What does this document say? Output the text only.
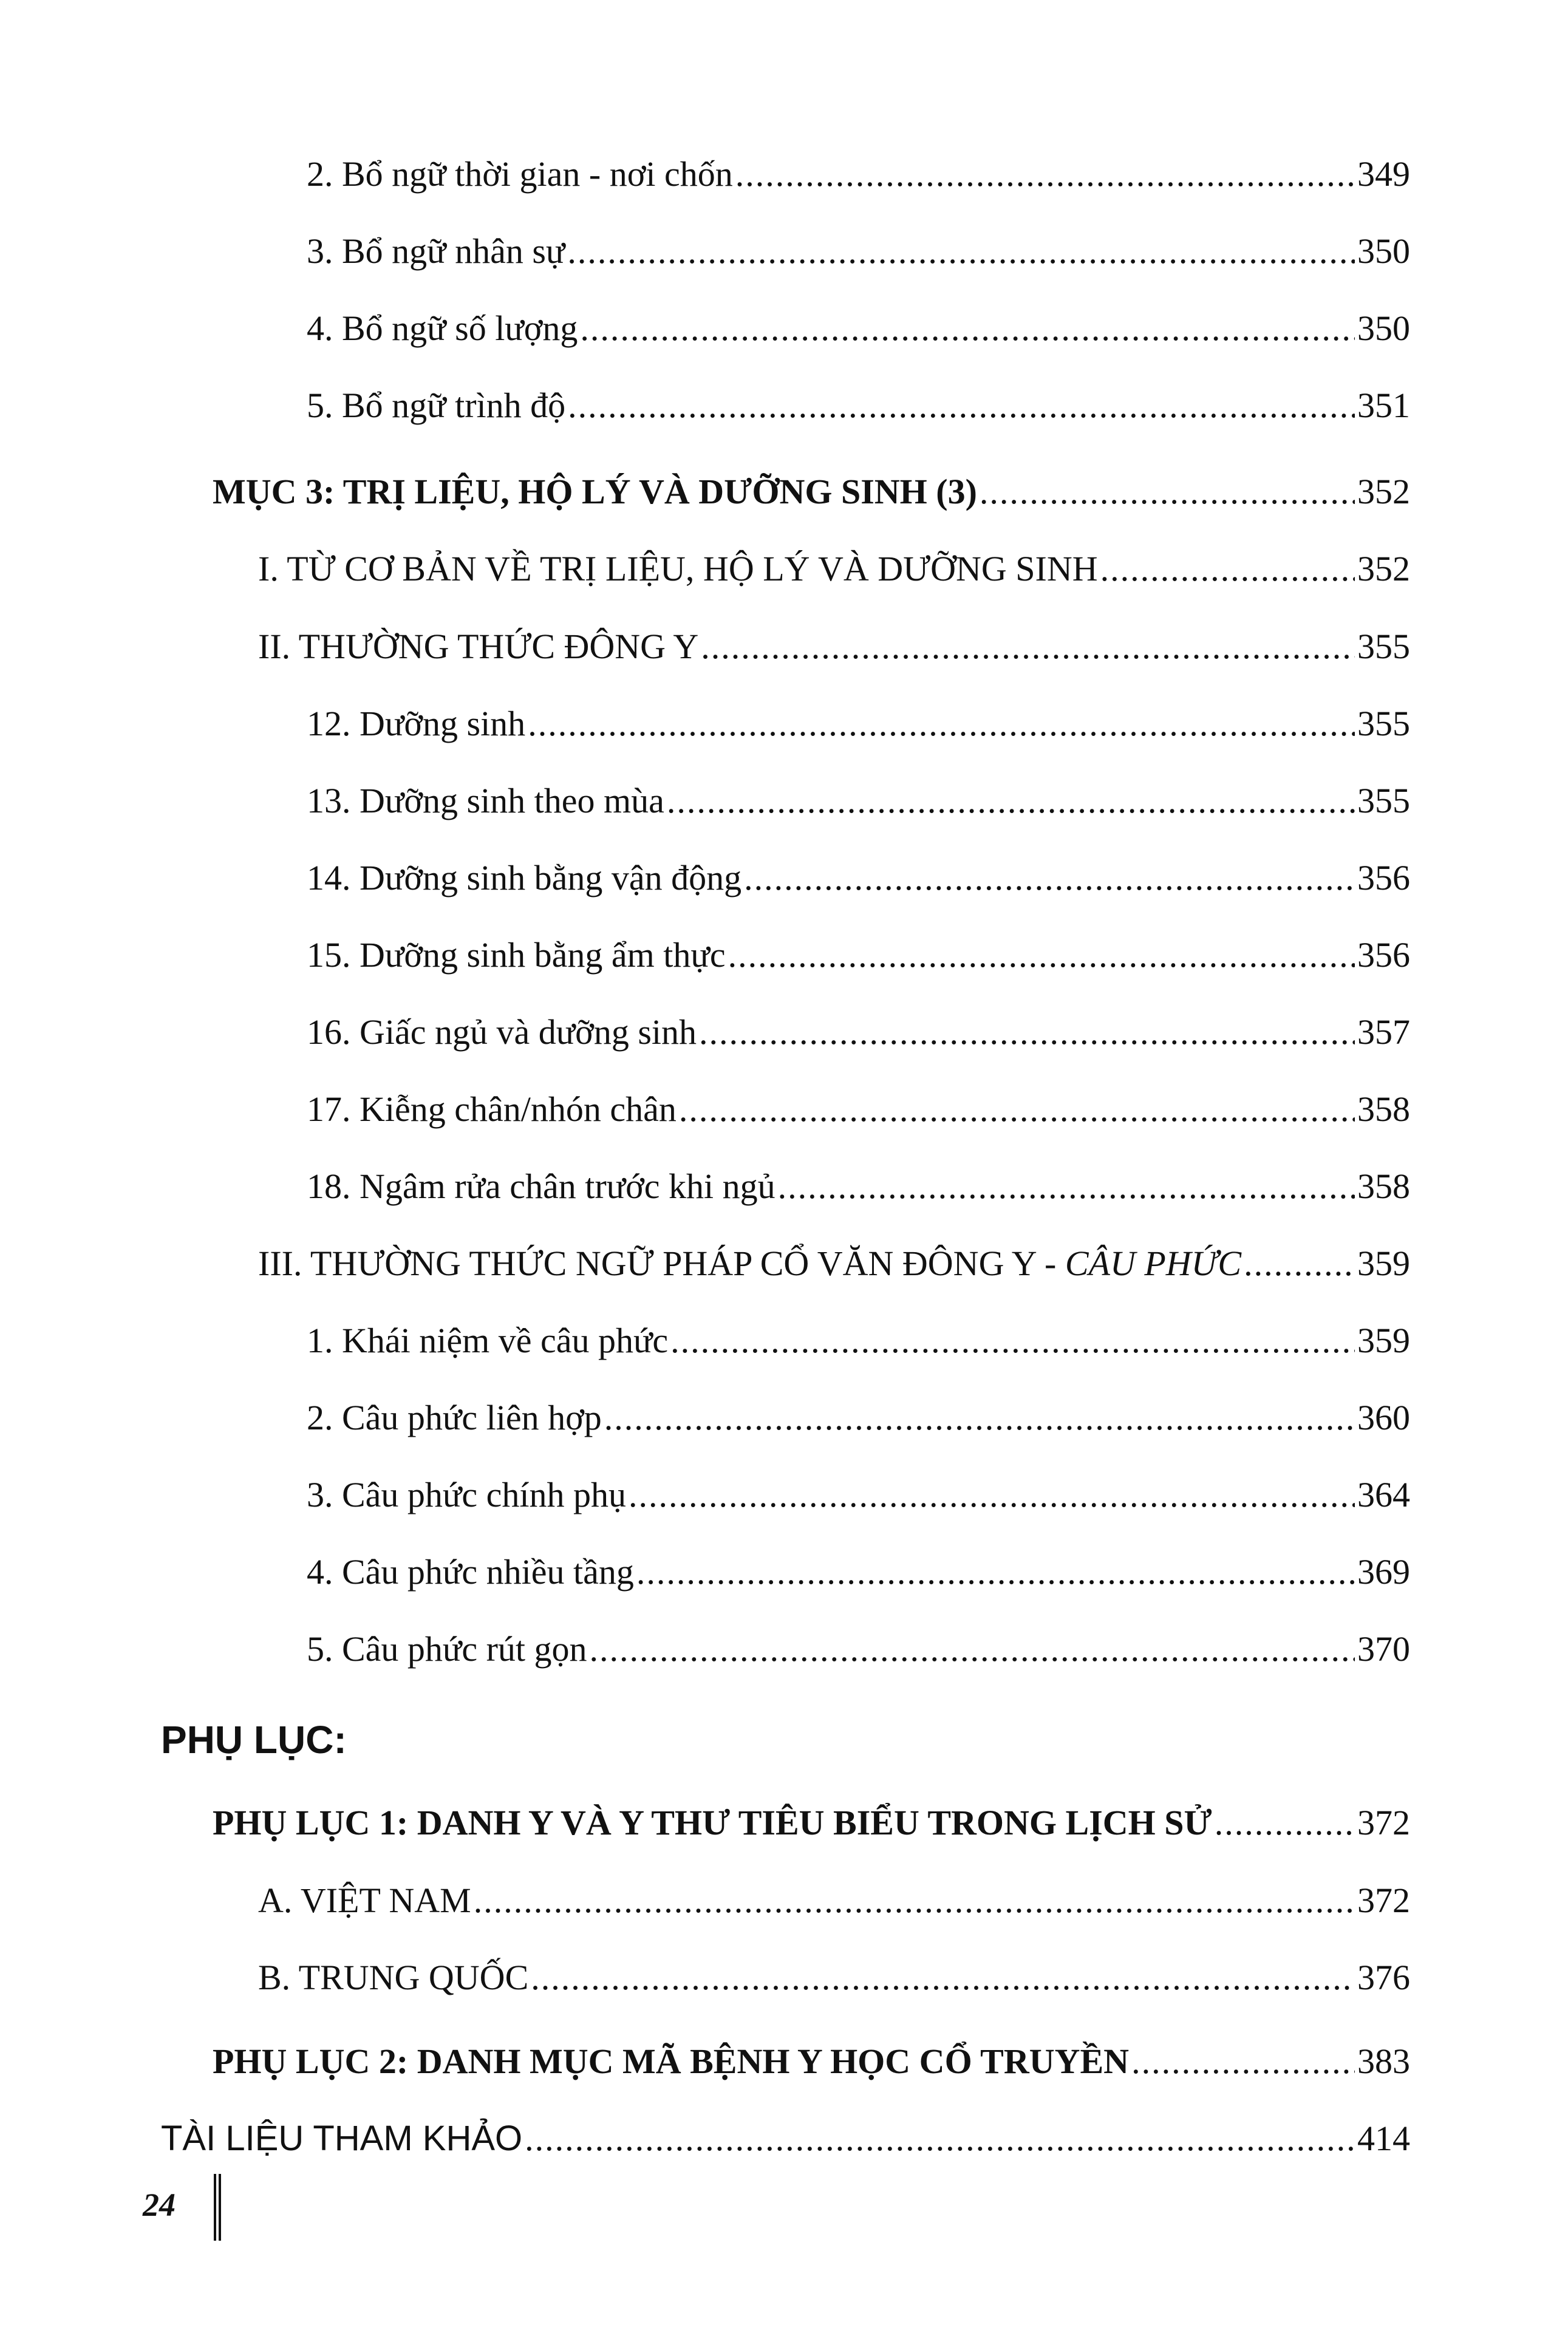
2. Bổ ngữ thời gian - nơi chốn .....	349
3. Bổ ngữ nhân sự .....	350
4. Bổ ngữ số lượng .....	350
5. Bổ ngữ trình độ .....	351
MỤC 3: TRỊ LIỆU, HỘ LÝ VÀ DƯỠNG SINH (3) .....	352
I. TỪ CƠ BẢN VỀ TRỊ LIỆU, HỘ LÝ VÀ DƯỠNG SINH .....	352
II. THƯỜNG THỨC ĐÔNG Y .....	355
12. Dưỡng sinh .....	355
13. Dưỡng sinh theo mùa .....	355
14. Dưỡng sinh bằng vận động .....	356
15. Dưỡng sinh bằng ẩm thực .....	356
16. Giấc ngủ và dưỡng sinh .....	357
17. Kiễng chân/nhón chân .....	358
18. Ngâm rửa chân trước khi ngủ .....	358
III. THƯỜNG THỨC NGỮ PHÁP CỔ VĂN ĐÔNG Y - CÂU PHỨC .....	359
1. Khái niệm về câu phức .....	359
2. Câu phức liên hợp .....	360
3. Câu phức chính phụ .....	364
4. Câu phức nhiều tầng .....	369
5. Câu phức rút gọn .....	370
PHỤ LỤC:
PHỤ LỤC 1: DANH Y VÀ Y THƯ TIÊU BIỂU TRONG LỊCH SỬ .....	372
A. VIỆT NAM .....	372
B. TRUNG QUỐC .....	376
PHỤ LỤC 2: DANH MỤC MÃ BỆNH Y HỌC CỔ TRUYỀN .....	383
TÀI LIỆU THAM KHẢO .....	414
24
